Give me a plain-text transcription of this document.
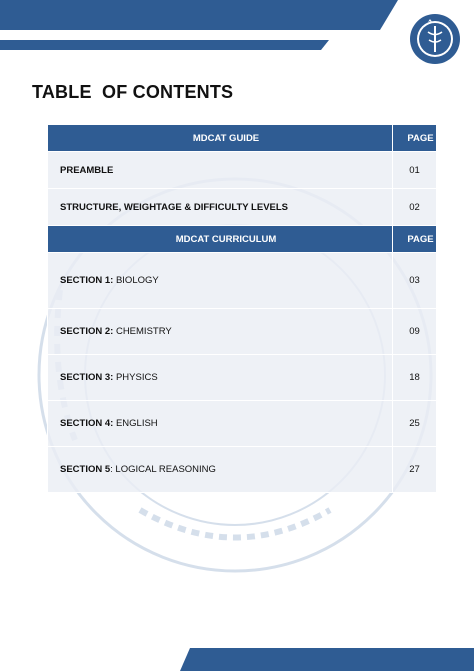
TABLE  OF CONTENTS
MDCAT GUIDE	PAGE
PREAMBLE	01
STRUCTURE, WEIGHTAGE & DIFFICULTY LEVELS	02
MDCAT CURRICULUM	PAGE
SECTION 1: BIOLOGY	03
SECTION 2: CHEMISTRY	09
SECTION 3: PHYSICS	18
SECTION 4: ENGLISH	25
SECTION 5: LOGICAL REASONING	27
